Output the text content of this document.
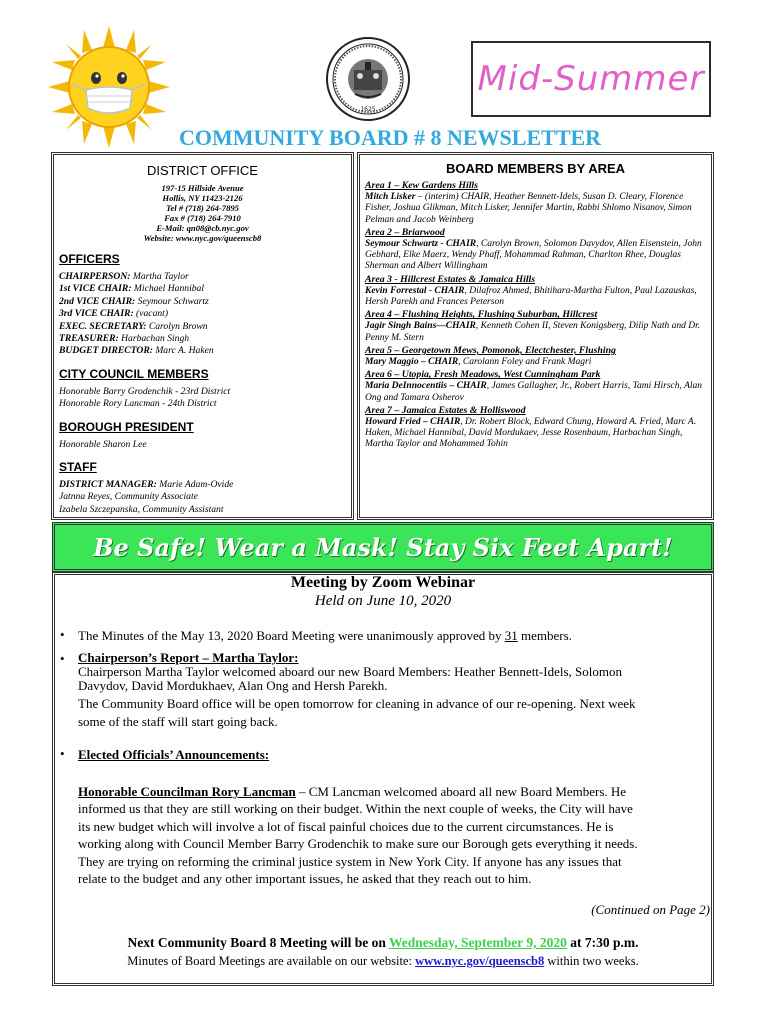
1625
Mid-Summer
COMMUNITY BOARD # 8 NEWSLETTER
DISTRICT OFFICE
197-15 Hillside Avenue
Hollis, NY 11423-2126
Tel # (718) 264-7895
Fax # (718) 264-7910
E-Mail: qn08@cb.nyc.gov
Website: www.nyc.gov/queenscb8
OFFICERS
CHAIRPERSON: Martha Taylor
1st VICE CHAIR: Michael Hannibal
2nd VICE CHAIR: Seymour Schwartz
3rd VICE CHAIR: (vacant)
EXEC. SECRETARY: Carolyn Brown
TREASURER: Harbachan Singh
BUDGET DIRECTOR: Marc A. Haken
CITY COUNCIL MEMBERS
Honorable Barry Grodenchik - 23rd District
Honorable Rory Lancman - 24th District
BOROUGH PRESIDENT
Honorable Sharon Lee
STAFF
DISTRICT MANAGER: Marie Adam-Ovide
Jatnna Reyes, Community Associate
Izabela Szczepanska, Community Assistant
BOARD MEMBERS BY AREA
Area 1 – Kew Gardens Hills
Mitch Lisker – (interim) CHAIR, Heather Bennett-Idels, Susan D. Cleary, Florence Fisher, Joshua Glikman, Mitch Lisker, Jennifer Martin, Rabbi Shlomo Nisanov, Simon Pelman and Jacob Weinberg
Area 2 – Briarwood
Seymour Schwartz - CHAIR, Carolyn Brown, Solomon Davydov, Allen Eisenstein, John Gebhard, Elke Maerz, Wendy Phaff, Mohammad Rahman, Charlton Rhee, Douglas Sherman and Albert Willingham
Area 3 - Hillcrest Estates & Jamaica Hills
Kevin Forrestal - CHAIR, Dilafroz Ahmed, Bhitihara-Martha Fulton, Paul Lazauskas, Hersh Parekh and Frances Peterson
Area 4 – Flushing Heights, Flushing Suburban, Hillcrest
Jagir Singh Bains—CHAIR, Kenneth Cohen II, Steven Konigsberg, Dilip Nath and Dr. Penny M. Stern
Area 5 – Georgetown Mews, Pomonok, Electchester, Flushing
Mary Maggio – CHAIR, Carolann Foley and Frank Magri
Area 6 – Utopia, Fresh Meadows, West Cunningham Park
Maria DeInnocentiis – CHAIR, James Gallagher, Jr., Robert Harris, Tami Hirsch, Alan Ong and Tamara Osherov
Area 7 – Jamaica Estates & Holliswood
Howard Fried – CHAIR, Dr. Robert Block, Edward Chung, Howard A. Fried, Marc A. Haken, Michael Hannibal, David Mordukaev, Jesse Rosenbaum, Harbachan Singh, Martha Taylor and Mohammed Tohin
Be Safe! Wear a Mask! Stay Six Feet Apart!
Meeting by Zoom Webinar
Held on June 10, 2020
• The Minutes of the May 13, 2020 Board Meeting were unanimously approved by 31 members.
• Chairperson’s Report – Martha Taylor:
Chairperson Martha Taylor welcomed aboard our new Board Members: Heather Bennett-Idels, Solomon
Davydov, David Mordukhaev, Alan Ong and Hersh Parekh.
The Community Board office will be open tomorrow for cleaning in advance of our re-opening. Next week
some of the staff will start going back.
• Elected Officials’ Announcements:
Honorable Councilman Rory Lancman – CM Lancman welcomed aboard all new Board Members. He
informed us that they are still working on their budget. Within the next couple of weeks, the City will have
its new budget which will involve a lot of fiscal painful choices due to the current circumstances. He is
working along with Council Member Barry Grodenchik to make sure our Borough gets everything it needs.
They are trying on reforming the criminal justice system in New York City. If anyone has any issues that
relate to the budget and any other important issues, he asked that they reach out to him.
(Continued on Page 2)
Next Community Board 8 Meeting will be on Wednesday, September 9, 2020 at 7:30 p.m.
Minutes of Board Meetings are available on our website: www.nyc.gov/queenscb8 within two weeks.
